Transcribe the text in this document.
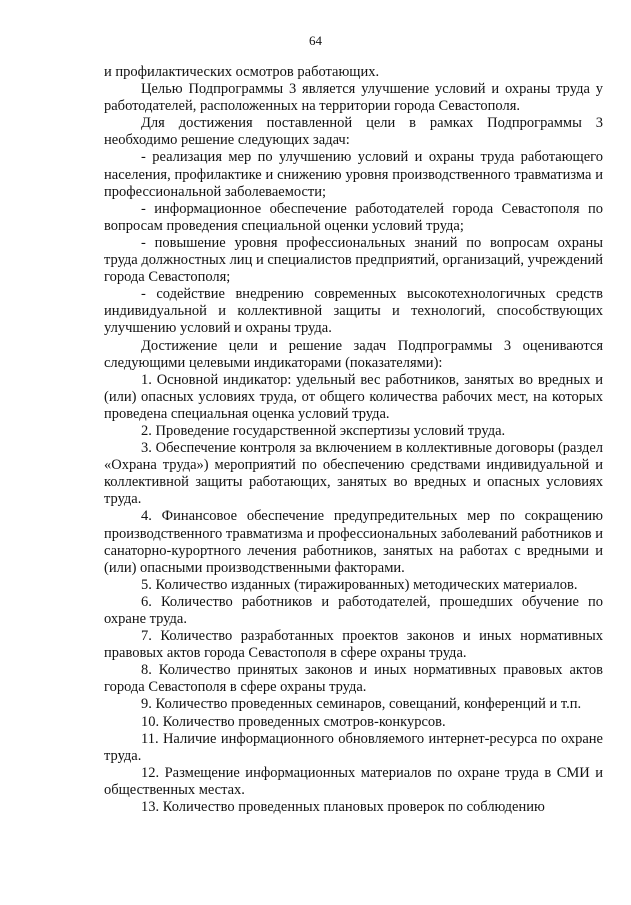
64

и профилактических осмотров работающих.

Целью Подпрограммы 3 является улучшение условий и охраны труда у работодателей, расположенных на территории города Севастополя.

Для достижения поставленной цели в рамках Подпрограммы 3 необходимо решение следующих задач:

- реализация мер по улучшению условий и охраны труда работающего населения, профилактике и снижению уровня производственного травматизма и профессиональной заболеваемости;

- информационное обеспечение работодателей города Севастополя по вопросам проведения специальной оценки условий труда;

- повышение уровня профессиональных знаний по вопросам охраны труда должностных лиц и специалистов предприятий, организаций, учреждений города Севастополя;

- содействие внедрению современных высокотехнологичных средств индивидуальной и коллективной защиты и технологий, способствующих улучшению условий и охраны труда.

Достижение цели и решение задач Подпрограммы 3 оцениваются следующими целевыми индикаторами (показателями):

1. Основной индикатор: удельный вес работников, занятых во вредных и (или) опасных условиях труда, от общего количества рабочих мест, на которых проведена специальная оценка условий труда.

2. Проведение государственной экспертизы условий труда.

3. Обеспечение контроля за включением в коллективные договоры (раздел «Охрана труда») мероприятий по обеспечению средствами индивидуальной и коллективной защиты работающих, занятых во вредных и опасных условиях труда.

4. Финансовое обеспечение предупредительных мер по сокращению производственного травматизма и профессиональных заболеваний работников и санаторно-курортного лечения работников, занятых на работах с вредными и (или) опасными производственными факторами.

5. Количество изданных (тиражированных) методических материалов.

6. Количество работников и работодателей, прошедших обучение по охране труда.

7. Количество разработанных проектов законов и иных нормативных правовых актов города Севастополя в сфере охраны труда.

8. Количество принятых законов и иных нормативных правовых актов города Севастополя в сфере охраны труда.

9. Количество проведенных семинаров, совещаний, конференций и т.п.

10. Количество проведенных смотров-конкурсов.

11. Наличие информационного обновляемого интернет-ресурса по охране труда.

12. Размещение информационных материалов по охране труда в СМИ и общественных местах.

13. Количество проведенных плановых проверок по соблюдению
